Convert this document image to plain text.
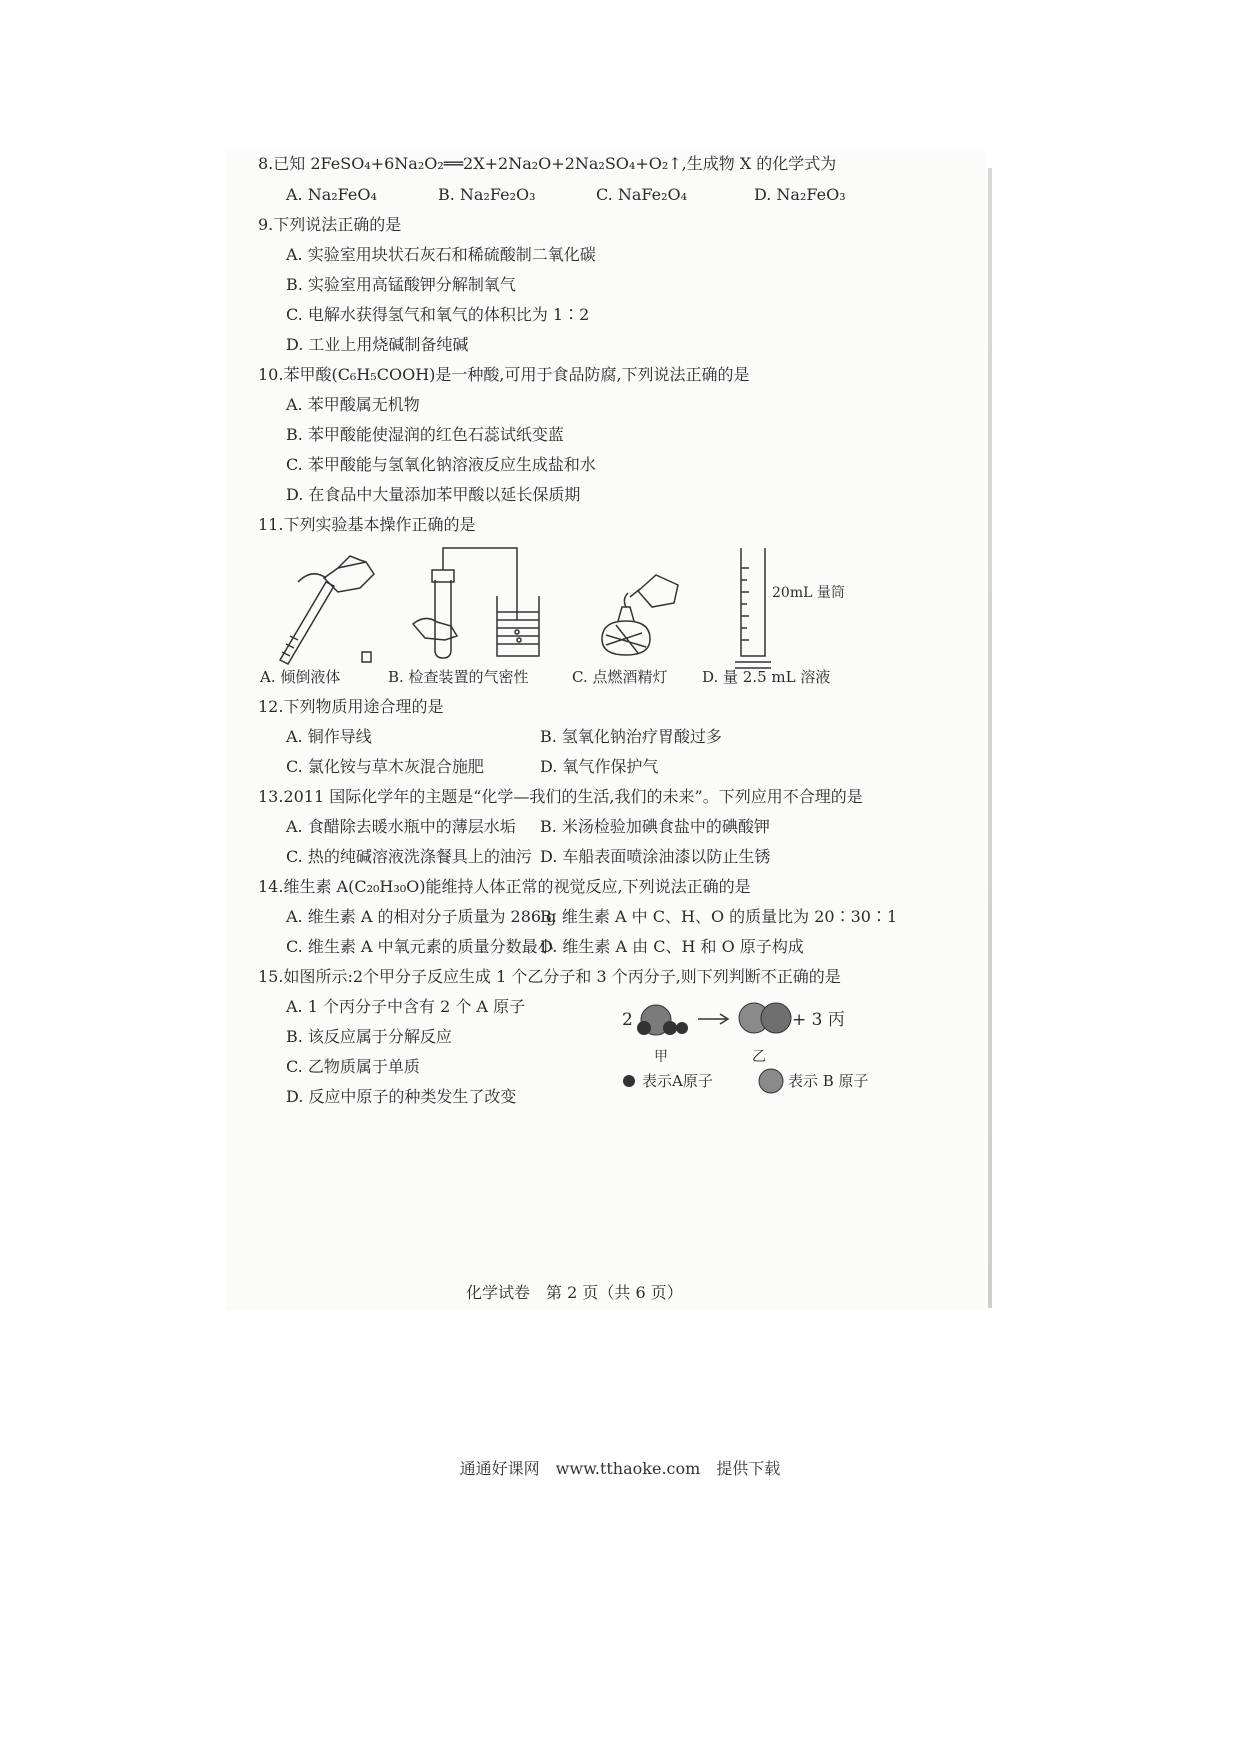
8.已知 2FeSO₄+6Na₂O₂══2X+2Na₂O+2Na₂SO₄+O₂↑,生成物 X 的化学式为
A. Na₂FeO₄	B. Na₂Fe₂O₃	C. NaFe₂O₄	D. Na₂FeO₃
9.下列说法正确的是
A. 实验室用块状石灰石和稀硫酸制二氧化碳
B. 实验室用高锰酸钾分解制氧气
C. 电解水获得氢气和氧气的体积比为 1∶2
D. 工业上用烧碱制备纯碱
10.苯甲酸(C₆H₅COOH)是一种酸,可用于食品防腐,下列说法正确的是
A. 苯甲酸属无机物
B. 苯甲酸能使湿润的红色石蕊试纸变蓝
C. 苯甲酸能与氢氧化钠溶液反应生成盐和水
D. 在食品中大量添加苯甲酸以延长保质期
11.下列实验基本操作正确的是
20mL 量筒
A. 倾倒液体	B. 检查装置的气密性	C. 点燃酒精灯 D. 量 2.5 mL 溶液
12.下列物质用途合理的是
A. 铜作导线	B. 氢氧化钠治疗胃酸过多
C. 氯化铵与草木灰混合施肥	D. 氧气作保护气
13.2011 国际化学年的主题是“化学—我们的生活,我们的未来”。下列应用不合理的是
A. 食醋除去暖水瓶中的薄层水垢 B. 米汤检验加碘食盐中的碘酸钾
C. 热的纯碱溶液洗涤餐具上的油污 D. 车船表面喷涂油漆以防止生锈
14.维生素 A(C₂₀H₃₀O)能维持人体正常的视觉反应,下列说法正确的是
A. 维生素 A 的相对分子质量为 286 g
B. 维生素 A 中 C、H、O 的质量比为 20∶30∶1
C. 维生素 A 中氧元素的质量分数最小
D. 维生素 A 由 C、H 和 O 原子构成
15.如图所示:2个甲分子反应生成 1 个乙分子和 3 个丙分子,则下列判断不正确的是
A. 1 个丙分子中含有 2 个 A 原子
B. 该反应属于分解反应
C. 乙物质属于单质
D. 反应中原子的种类发生了改变
2	+ 3 丙
甲	乙
表示A原子	表示 B 原子
化学试卷　第 2 页（共 6 页）
通通好课网　www.tthaoke.com　提供下载
